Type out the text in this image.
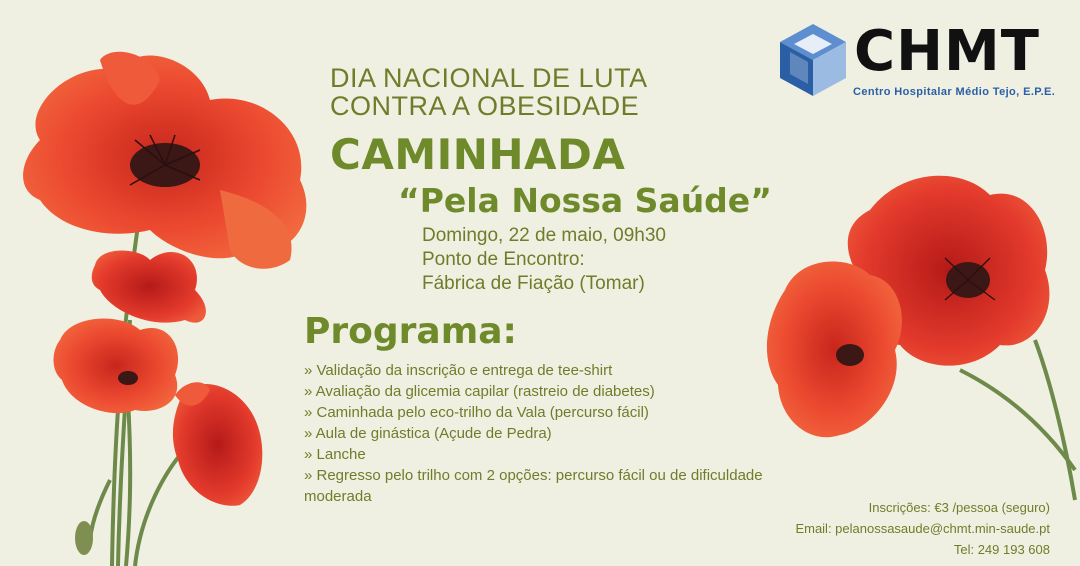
CHMT
Centro Hospitalar Médio Tejo, E.P.E.
DIA NACIONAL DE LUTA
CONTRA A OBESIDADE
CAMINHADA
“Pela Nossa Saúde”
Domingo, 22 de maio, 09h30
Ponto de Encontro:
Fábrica de Fiação (Tomar)
Programa:
» Validação da inscrição e entrega de tee-shirt
» Avaliação da glicemia capilar (rastreio de diabetes)
» Caminhada pelo eco-trilho da Vala (percurso fácil)
» Aula de ginástica (Açude de Pedra)
» Lanche
» Regresso pelo trilho com 2 opções: percurso fácil ou de dificuldade moderada
Inscrições: €3 /pessoa (seguro)
Email: pelanossasaude@chmt.min-saude.pt
Tel: 249 193 608
